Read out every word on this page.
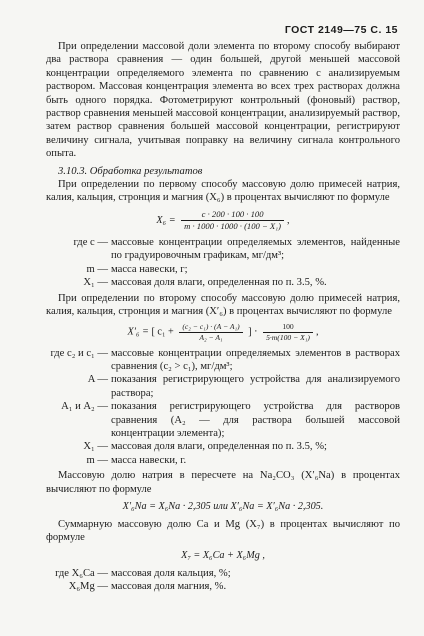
ГОСТ 2149—75 С. 15

При определении массовой доли элемента по второму способу выбирают два раствора сравнения — один большей, другой меньшей массовой концентрации определяемого элемента по сравнению с анализируемым раствором. Массовая концентрация элемента во всех трех растворах должна быть одного порядка. Фотометрируют контрольный (фоновый) раствор, раствор сравнения меньшей массовой концентрации, анализируемый раствор, затем раствор сравнения большей массовой концентрации, регистрируют величину сигнала, учитывая поправку на величину сигнала контрольного опыта.

3.10.3. Обработка результатов

При определении по первому способу массовую долю примесей натрия, калия, кальция, стронция и магния (X₆) в процентах вычисляют по формуле

$X_6 = \frac{c \cdot 200 \cdot 100 \cdot 100}{\text{m · 1000 · 1000 · (100 − X₁)}}$ ,
где c —	массовые концентрации определяемых элементов, найденные по градуировочным графикам, мг/дм³;
m —	масса навески, г;
X₁ —	массовая доля влаги, определенная по п. 3.5, %.

При определении по второму способу массовую долю примесей натрия, калия, кальция, стронция и магния (X′₆) в процентах вычисляют по формуле

X′₆ = [ $c_1 + \frac{\text{(c₂ − c₁) · (A − A₁)}}{\text{A₂ − A₁}}$ ] · $\frac{100}{\text{5·m(100 − X₁)}}$ ,
где c₂ и c₁ —	массовые концентрации определяемых элементов в растворах сравнения (c₂ > c₁), мг/дм³;
A —	показания регистрирующего устройства для анализируемого раствора;
A₁ и A₂ —	показания регистрирующего устройства для растворов сравнения (A₂ — для раствора большей массовой концентрации элемента);
X₁ —	массовая доля влаги, определенная по п. 3.5, %;
m —	масса навески, г.

Массовую долю натрия в пересчете на Na₂CO₃ (X′₆Na) в процентах вычисляют по формуле

X′₆Na = X₆Na · 2,305 или X′₆Na = X′₆Na · 2,305.

Суммарную массовую долю Ca и Mg (X₇) в процентах вычисляют по формуле

X₇ = X₆Ca + X₆Mg ,
где X₆Ca —	массовая доля кальция, %;
X₆Mg —	массовая доля магния, %.
